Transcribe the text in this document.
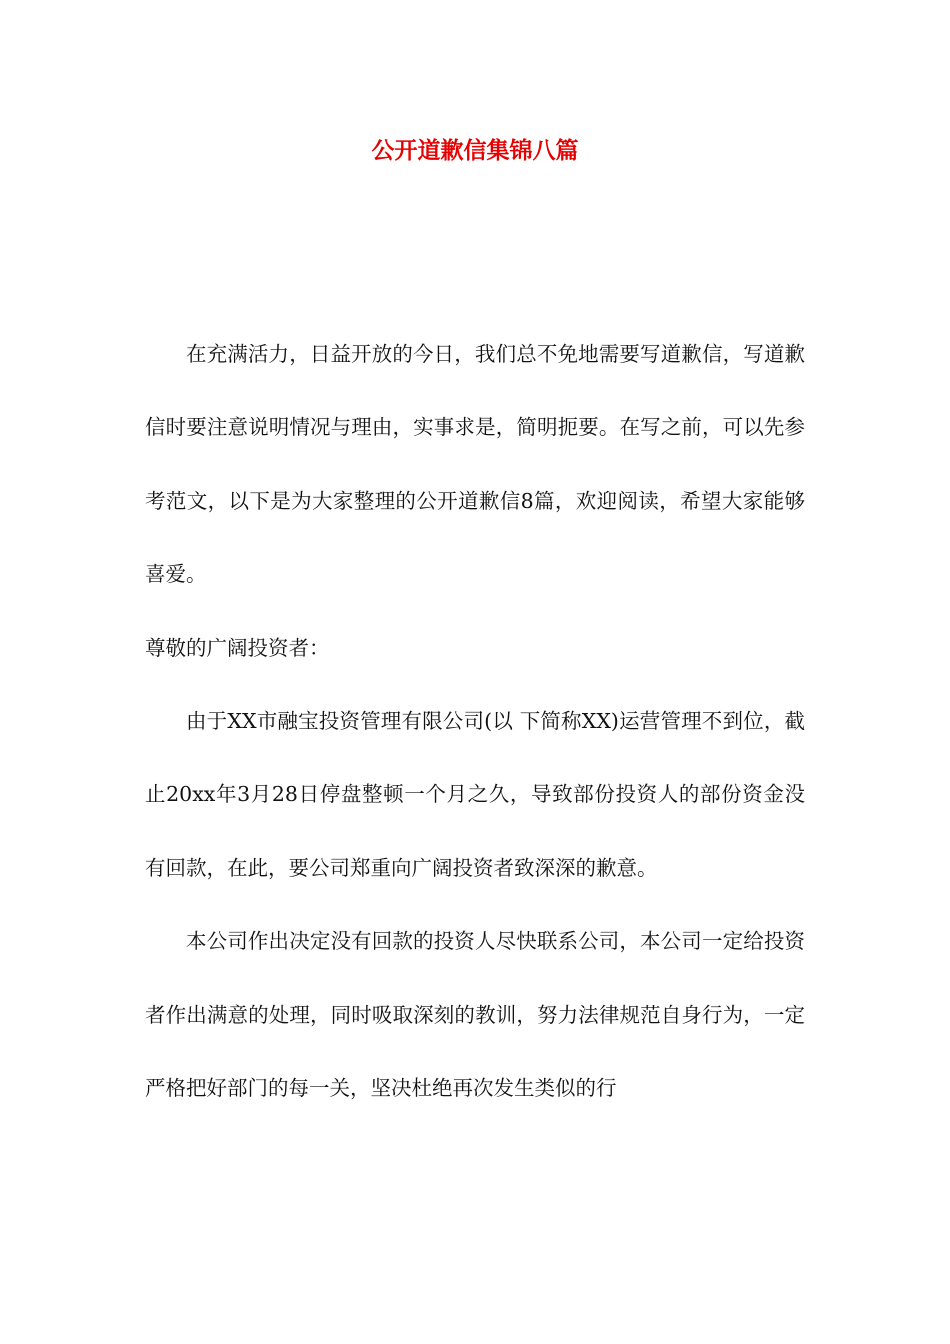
公开道歉信集锦八篇

在充满活力，日益开放的今日，我们总不免地需要写道歉信，写道歉信时要注意说明情况与理由，实事求是，简明扼要。在写之前，可以先参考范文，以下是为大家整理的公开道歉信8篇，欢迎阅读，希望大家能够喜爱。

尊敬的广阔投资者：

由于XX市融宝投资管理有限公司(以 下简称XX)运营管理不到位，截止20xx年3月28日停盘整顿一个月之久，导致部份投资人的部份资金没有回款，在此，要公司郑重向广阔投资者致深深的歉意。

本公司作出决定没有回款的投资人尽快联系公司，本公司一定给投资者作出满意的处理，同时吸取深刻的教训，努力法律规范自身行为，一定严格把好部门的每一关，坚决杜绝再次发生类似的行
